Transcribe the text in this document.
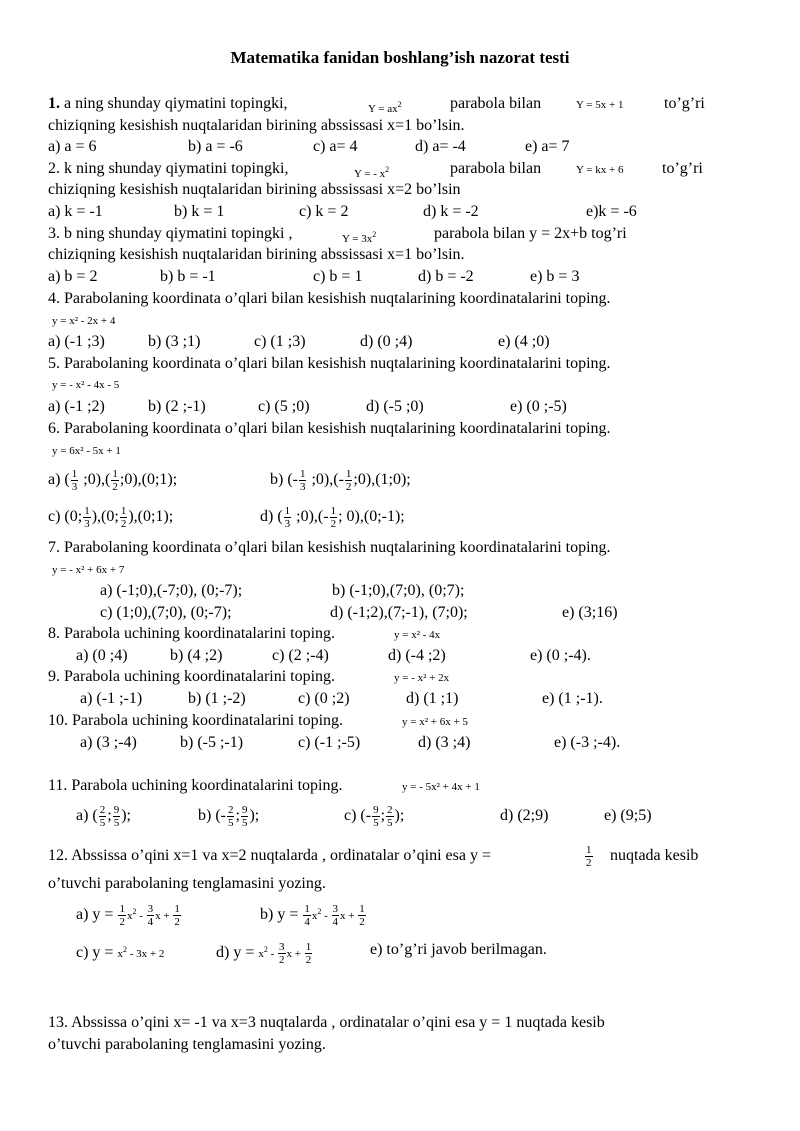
Matematika fanidan boshlang’ish nazorat testi
1. a ning shunday qiymatini topingki,	$Y = ax^2$	parabola bilan	Y = 5x + 1	to’g’ri
chiziqning kesishish nuqtalaridan birining abssissasi x=1 bo’lsin.
a) a = 6	b) a = -6	c) a= 4	d) a= -4	e) a= 7
2. k ning shunday qiymatini topingki,	Y = - $x^2$	parabola bilan	Y = kx + 6 to’g’ri
chiziqning kesishish nuqtalaridan birining abssissasi x=2 bo’lsin
a) k = -1	b) k = 1	c) k = 2	d) k = -2	e)k = -6
3. b ning shunday qiymatini topingki ,	$Y = 3x^2$	parabola bilan y = 2x+b tog’ri
chiziqning kesishish nuqtalaridan birining abssissasi x=1 bo’lsin.
a) b = 2	b) b = -1	c) b = 1	d) b = -2	e) b = 3
4. Parabolaning koordinata o’qlari bilan kesishish nuqtalarining koordinatalarini toping.
y = x² - 2x + 4
a) (-1 ;3)	b) (3 ;1)	c) (1 ;3)	d) (0 ;4)	e) (4 ;0)
5. Parabolaning koordinata o’qlari bilan kesishish nuqtalarining koordinatalarini toping.
y = - x² - 4x - 5
a) (-1 ;2)	b) (2 ;-1)	c) (5 ;0)	d) (-5 ;0)	e) (0 ;-5)
6. Parabolaning koordinata o’qlari bilan kesishish nuqtalarining koordinatalarini toping.
y = 6x² - 5x + 1
a) ( $\frac{1}{3}$ ;0),( $\frac{1}{2}$ ;0),(0;1);	b) (- $\frac{1}{3}$ ;0),(- $\frac{1}{2}$ ;0),(1;0);
c) (0; $\frac{1}{3} ),(0$; $\frac{1}{2}$ ),(0;1);	d) ( $\frac{1}{3}$ ;0),(- $\frac{1}{2}$ ; 0),(0;-1);
7. Parabolaning koordinata o’qlari bilan kesishish nuqtalarining koordinatalarini toping.
y = - x² + 6x + 7
a) (-1;0),(-7;0), (0;-7);	b) (-1;0),(7;0), (0;7);
c) (1;0),(7;0), (0;-7);	d) (-1;2),(7;-1), (7;0);	e) (3;16)
8. Parabola uchining koordinatalarini toping.	y = x² - 4x
a) (0 ;4)	b) (4 ;2)	c) (2 ;-4)	d) (-4 ;2)	e) (0 ;-4).
9. Parabola uchining koordinatalarini toping.	y = - x² + 2x
a) (-1 ;-1)	b) (1 ;-2)	c) (0 ;2)	d) (1 ;1)	e) (1 ;-1).
10. Parabola uchining koordinatalarini toping.	y = x² + 6x + 5
a) (3 ;-4)	b) (-5 ;-1)	c) (-1 ;-5)	d) (3 ;4)	e) (-3 ;-4).
11. Parabola uchining koordinatalarini toping.	y = - 5x² + 4x + 1
a) ( $\frac{2}{5}$ ; $\frac{9}{5}$ );	b) (- $\frac{2}{5}$ ; $\frac{9}{5}$ );	c) (- $\frac{9}{5}$ ; $\frac{2}{5}$ );	d) (2;9)	e) (9;5)
12. Abssissa o’qini x=1 va x=2 nuqtalarda , ordinatalar o’qini esa y =	$\frac{1}{2}$ nuqtada kesib
o’tuvchi parabolaning tenglamasini yozing.
a) $y = \frac{1}{2} x^2 - \frac{3}{4}$ $x + \frac{1}{2}$	b) $y = \frac{1}{4} x^2 - \frac{3}{4}$ $x + \frac{1}{2}$
c) $y = x^2 - 3x + 2$	d) $y = x^2 - \frac{3}{2}$ $x + \frac{1}{2}$	e) to’g’ri javob berilmagan.
13. Abssissa o’qini x= -1 va x=3 nuqtalarda , ordinatalar o’qini esa y = 1 nuqtada kesib
o’tuvchi parabolaning tenglamasini yozing.
